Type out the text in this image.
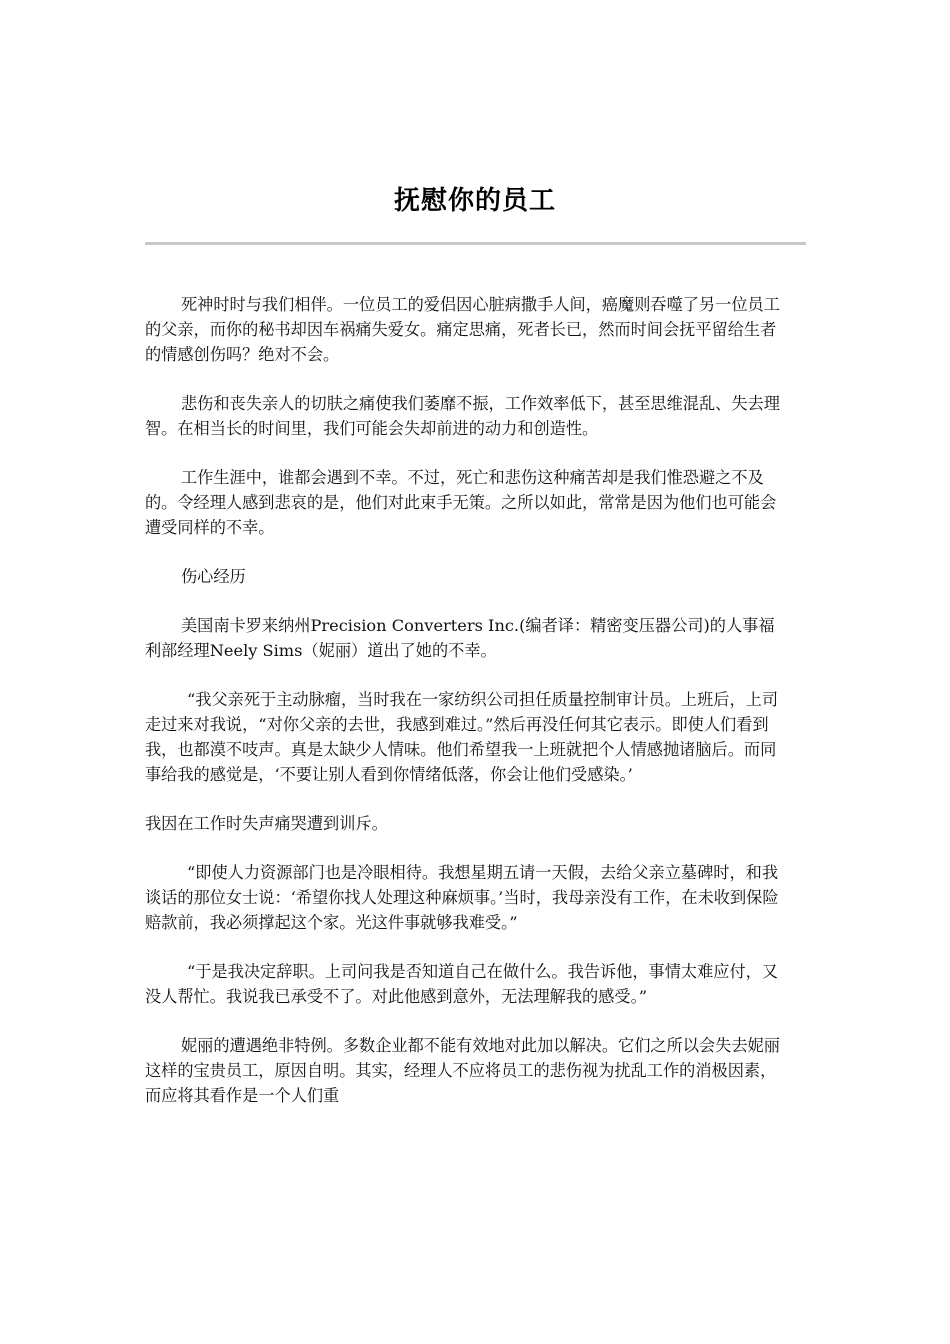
抚慰你的员工

死神时时与我们相伴。一位员工的爱侣因心脏病撒手人间，癌魔则吞噬了另一位员工的父亲，而你的秘书却因车祸痛失爱女。痛定思痛，死者长已，然而时间会抚平留给生者的情感创伤吗？绝对不会。

悲伤和丧失亲人的切肤之痛使我们萎靡不振，工作效率低下，甚至思维混乱、失去理智。在相当长的时间里，我们可能会失却前进的动力和创造性。

工作生涯中，谁都会遇到不幸。不过，死亡和悲伤这种痛苦却是我们惟恐避之不及的。令经理人感到悲哀的是，他们对此束手无策。之所以如此，常常是因为他们也可能会遭受同样的不幸。

伤心经历

美国南卡罗来纳州Precision Converters Inc.(编者译：精密变压器公司)的人事福利部经理Neely Sims（妮丽）道出了她的不幸。

“我父亲死于主动脉瘤，当时我在一家纺织公司担任质量控制审计员。上班后，上司走过来对我说，“对你父亲的去世，我感到难过。”然后再没任何其它表示。即使人们看到我，也都漠不吱声。真是太缺少人情味。他们希望我一上班就把个人情感抛诸脑后。而同事给我的感觉是，‘不要让别人看到你情绪低落，你会让他们受感染。’

我因在工作时失声痛哭遭到训斥。

“即使人力资源部门也是冷眼相待。我想星期五请一天假，去给父亲立墓碑时，和我谈话的那位女士说：‘希望你找人处理这种麻烦事。’当时，我母亲没有工作，在未收到保险赔款前，我必须撑起这个家。光这件事就够我难受。”

“于是我决定辞职。上司问我是否知道自己在做什么。我告诉他，事情太难应付，又没人帮忙。我说我已承受不了。对此他感到意外，无法理解我的感受。”

妮丽的遭遇绝非特例。多数企业都不能有效地对此加以解决。它们之所以会失去妮丽这样的宝贵员工，原因自明。其实，经理人不应将员工的悲伤视为扰乱工作的消极因素，而应将其看作是一个人们重
